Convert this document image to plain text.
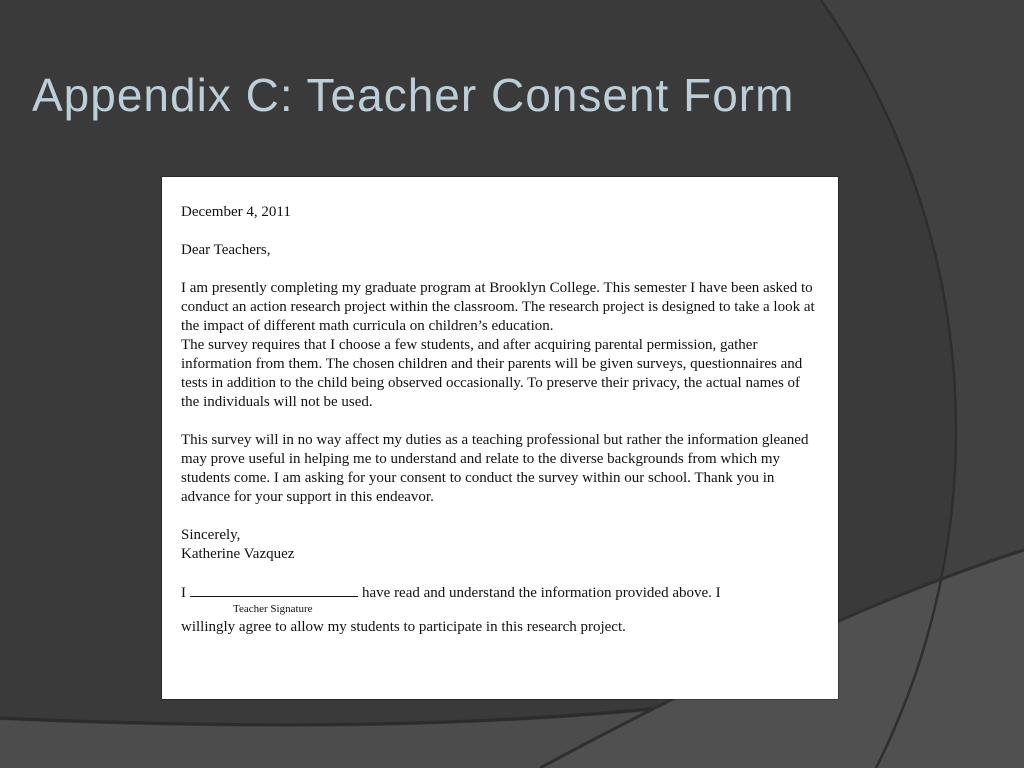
Appendix C: Teacher Consent Form
December 4, 2011
Dear Teachers,
I am presently completing my graduate program at Brooklyn College. This semester I have been asked to conduct an action research project within the classroom. The research project is designed to take a look at the impact of different math curricula on children’s education.
The survey requires that I choose a few students, and after acquiring parental permission, gather information from them. The chosen children and their parents will be given surveys, questionnaires and tests in addition to the child being observed occasionally. To preserve their privacy, the actual names of the individuals will not be used.
This survey will in no way affect my duties as a teaching professional but rather the information gleaned may prove useful in helping me to understand and relate to the diverse backgrounds from which my students come. I am asking for your consent to conduct the survey within our school. Thank you in advance for your support in this endeavor.
Sincerely,
Katherine Vazquez
I	have read and understand the information provided above. I
Teacher Signature
willingly agree to allow my students to participate in this research project.
